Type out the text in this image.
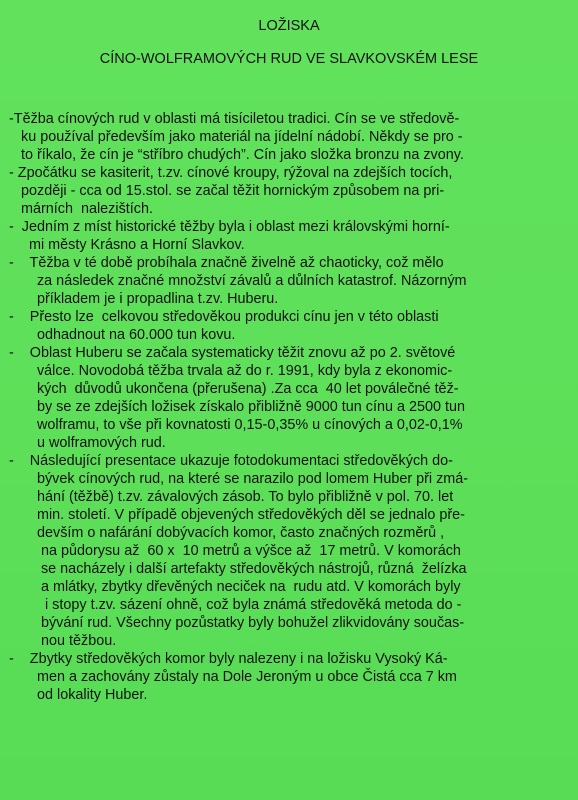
LOŽISKA
CÍNO-WOLFRAMOVÝCH RUD VE SLAVKOVSKÉM LESE
-Těžba cínových rud v oblasti má tisíciletou tradici. Cín se ve středově-
ku používal především jako materiál na jídelní nádobí. Někdy se pro -
to říkalo, že cín je “stříbro chudých”. Cín jako složka bronzu na zvony.
- Zpočátku se kasiterit, t.zv. cínové kroupy, rýžoval na zdejších tocích,
později - cca od 15.stol. se začal těžit hornickým způsobem na pri-
márních  nalezištích.
-  Jedním z míst historické těžby byla i oblast mezi královskými horní-
mi městy Krásno a Horní Slavkov.
-    Těžba v té době probíhala značně živelně až chaoticky, což mělo
za následek značné množství závalů a důlních katastrof. Názorným
příkladem je i propadlina t.zv. Huberu.
-    Přesto lze  celkovou středověkou produkci cínu jen v této oblasti
odhadnout na 60.000 tun kovu.
-    Oblast Huberu se začala systematicky těžit znovu až po 2. světové
válce. Novodobá těžba trvala až do r. 1991, kdy byla z ekonomic-
kých  důvodů ukončena (přerušena) .Za cca  40 let poválečné těž-
by se ze zdejších ložisek získalo přibližně 9000 tun cínu a 2500 tun
wolframu, to vše při kovnatosti 0,15-0,35% u cínových a 0,02-0,1%
u wolframových rud.
-    Následující presentace ukazuje fotodokumentaci středověkých do-
bývek cínových rud, na které se narazilo pod lomem Huber při zmá-
hání (těžbě) t.zv. závalových zásob. To bylo přibližně v pol. 70. let
min. století. V případě objevených středověkých děl se jednalo pře-
devším o nafárání dobývacích komor, často značných rozměrů ,
na půdorysu až  60 x  10 metrů a výšce až  17 metrů. V komorách
se nacházely i další artefakty středověkých nástrojů, různá  želízka
a mlátky, zbytky dřevěných neciček na  rudu atd. V komorách byly
i stopy t.zv. sázení ohně, což byla známá středověká metoda do -
bývání rud. Všechny pozůstatky byly bohužel zlikvidovány součas-
nou těžbou.
-    Zbytky středověkých komor byly nalezeny i na ložisku Vysoký Ká-
men a zachovány zůstaly na Dole Jeroným u obce Čistá cca 7 km
od lokality Huber.
